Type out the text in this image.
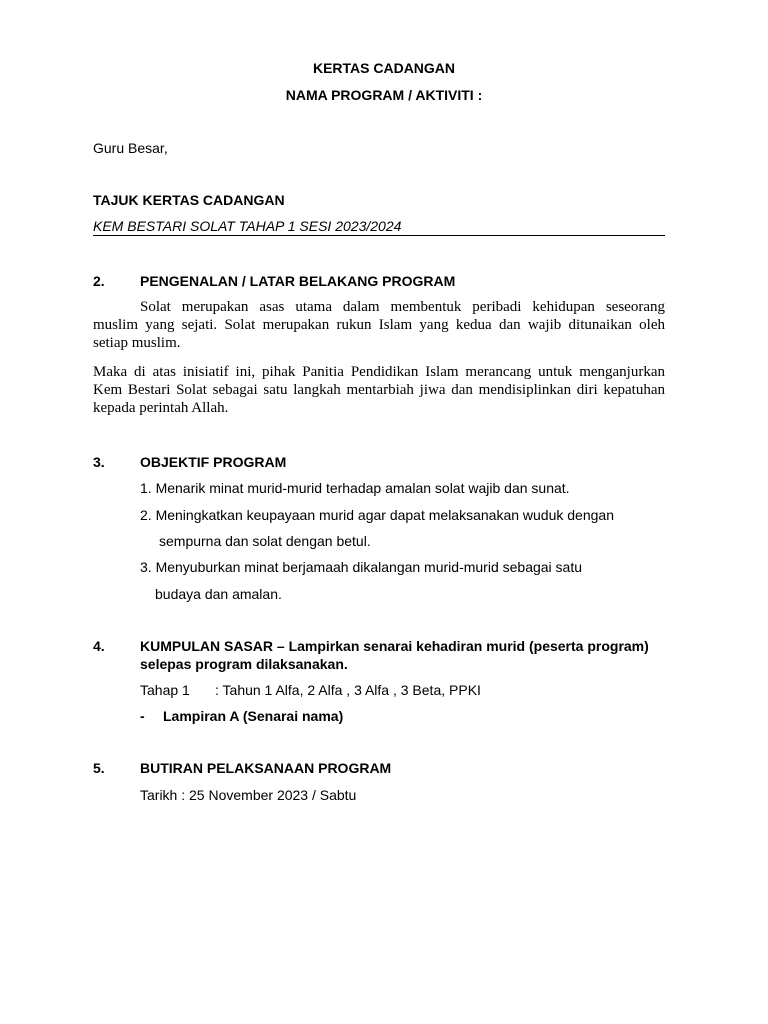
KERTAS CADANGAN
NAMA PROGRAM / AKTIVITI :
Guru Besar,
TAJUK KERTAS CADANGAN
KEM BESTARI SOLAT TAHAP 1 SESI 2023/2024
2.	PENGENALAN / LATAR BELAKANG PROGRAM
Solat merupakan asas utama dalam membentuk peribadi kehidupan seseorang
muslim yang sejati. Solat merupakan rukun Islam yang kedua dan wajib ditunaikan oleh
setiap muslim.
Maka di atas inisiatif ini, pihak Panitia Pendidikan Islam merancang untuk menganjurkan
Kem Bestari Solat sebagai satu langkah mentarbiah jiwa dan mendisiplinkan diri kepatuhan
kepada perintah Allah.
3.	OBJEKTIF PROGRAM
1. Menarik minat murid-murid terhadap amalan solat wajib dan sunat.
2. Meningkatkan keupayaan murid agar dapat melaksanakan wuduk dengan
sempurna dan solat dengan betul.
3. Menyuburkan minat berjamaah dikalangan murid-murid sebagai satu
budaya dan amalan.
4.	KUMPULAN SASAR – Lampirkan senarai kehadiran murid (peserta program)
selepas program dilaksanakan.
Tahap 1 : Tahun 1 Alfa, 2 Alfa , 3 Alfa , 3 Beta, PPKI
- Lampiran A (Senarai nama)
5.	BUTIRAN PELAKSANAAN PROGRAM
Tarikh : 25 November 2023 / Sabtu
